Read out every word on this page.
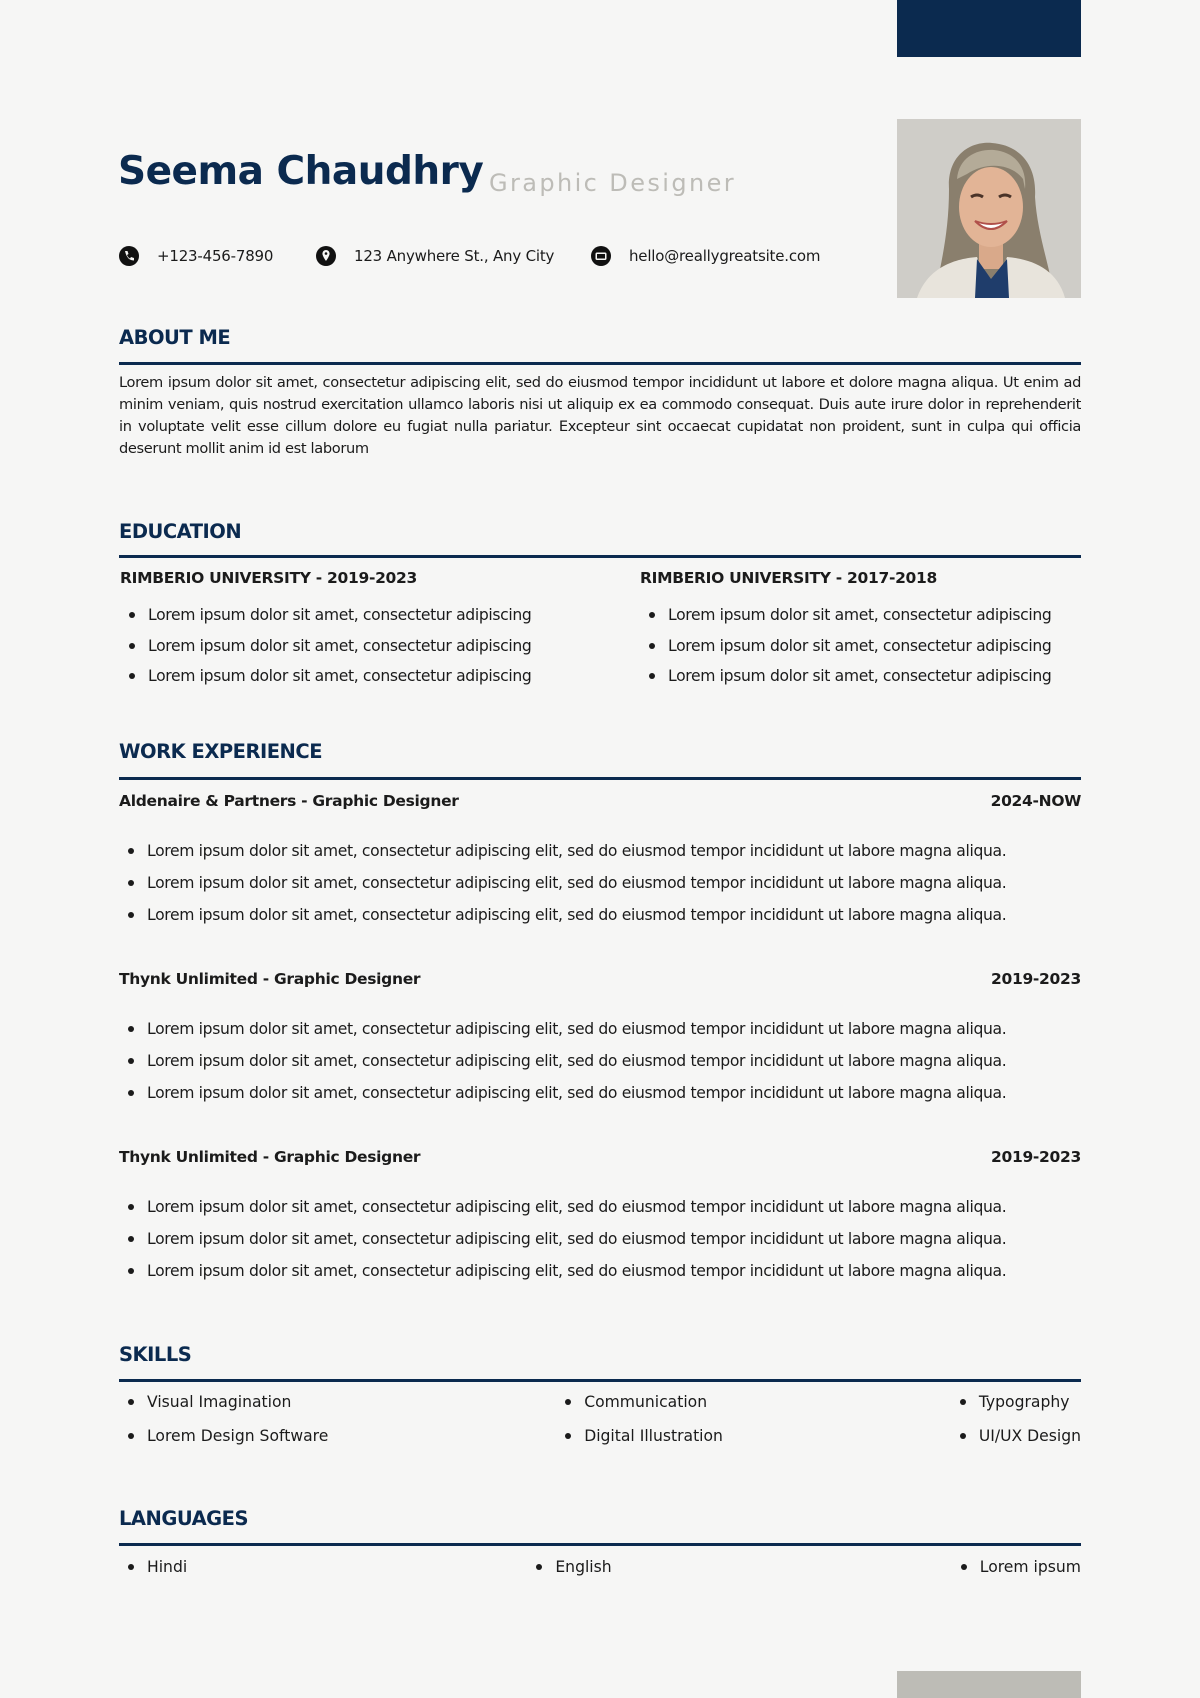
Seema Chaudhry Graphic Designer
+123-456-7890	123 Anywhere St., Any City	hello@reallygreatsite.com
ABOUT ME
Lorem ipsum dolor sit amet, consectetur adipiscing elit, sed do eiusmod tempor incididunt ut labore et dolore magna aliqua. Ut enim ad minim veniam, quis nostrud exercitation ullamco laboris nisi ut aliquip ex ea commodo consequat. Duis aute irure dolor in reprehenderit in voluptate velit esse cillum dolore eu fugiat nulla pariatur. Excepteur sint occaecat cupidatat non proident, sunt in culpa qui officia deserunt mollit anim id est laborum
EDUCATION
RIMBERIO UNIVERSITY - 2019-2023
Lorem ipsum dolor sit amet, consectetur adipiscing
Lorem ipsum dolor sit amet, consectetur adipiscing
Lorem ipsum dolor sit amet, consectetur adipiscing
RIMBERIO UNIVERSITY - 2017-2018
Lorem ipsum dolor sit amet, consectetur adipiscing
Lorem ipsum dolor sit amet, consectetur adipiscing
Lorem ipsum dolor sit amet, consectetur adipiscing
WORK EXPERIENCE
Aldenaire & Partners - Graphic Designer	2024-NOW
Lorem ipsum dolor sit amet, consectetur adipiscing elit, sed do eiusmod tempor incididunt ut labore magna aliqua.
Lorem ipsum dolor sit amet, consectetur adipiscing elit, sed do eiusmod tempor incididunt ut labore magna aliqua.
Lorem ipsum dolor sit amet, consectetur adipiscing elit, sed do eiusmod tempor incididunt ut labore magna aliqua.
Thynk Unlimited - Graphic Designer	2019-2023
Lorem ipsum dolor sit amet, consectetur adipiscing elit, sed do eiusmod tempor incididunt ut labore magna aliqua.
Lorem ipsum dolor sit amet, consectetur adipiscing elit, sed do eiusmod tempor incididunt ut labore magna aliqua.
Lorem ipsum dolor sit amet, consectetur adipiscing elit, sed do eiusmod tempor incididunt ut labore magna aliqua.
Thynk Unlimited - Graphic Designer	2019-2023
Lorem ipsum dolor sit amet, consectetur adipiscing elit, sed do eiusmod tempor incididunt ut labore magna aliqua.
Lorem ipsum dolor sit amet, consectetur adipiscing elit, sed do eiusmod tempor incididunt ut labore magna aliqua.
Lorem ipsum dolor sit amet, consectetur adipiscing elit, sed do eiusmod tempor incididunt ut labore magna aliqua.
SKILLS
Visual Imagination
Lorem Design Software
Communication
Digital Illustration
Typography
UI/UX Design
LANGUAGES
Hindi	English	Lorem ipsum
